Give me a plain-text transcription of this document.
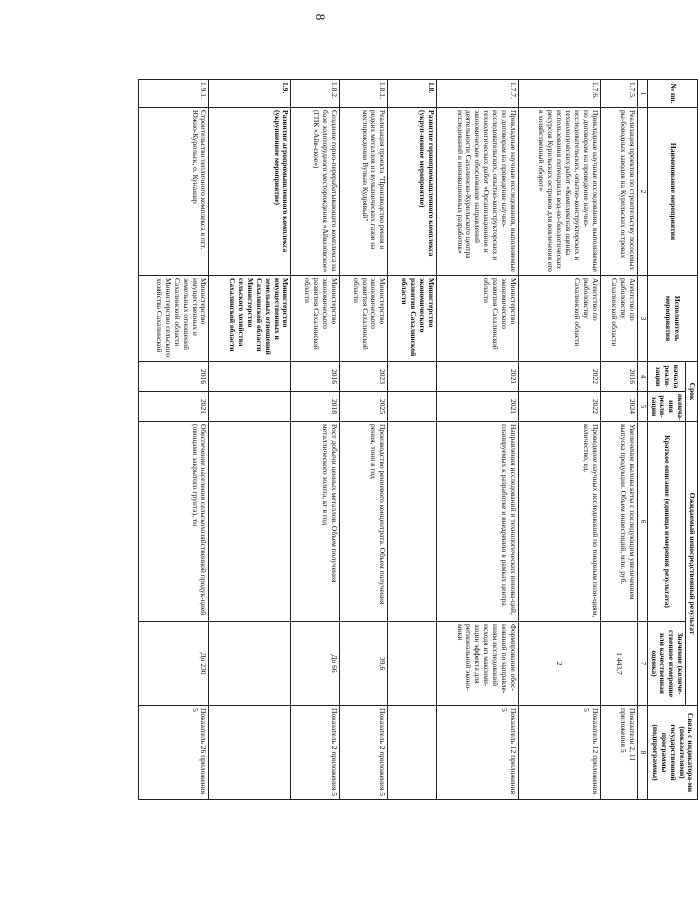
8
№ пп.	Наименование мероприятия	Исполнитель мероприятия	Срок		Ожидаемый непосредственный результат		Связь с индикатора-ми (показателями) государственной программы (подпрограммы)
			начала реали-зации	оконча-ния реали-зации	Краткое описание (единица измерения результата)	Значение (количе-ственное измерение или качественная оценка)	

1	2	3	4	5	6	7	8
1.7.5.	Реализация проектов по строительству лососевых ры-боводных заводов на Курильских островах	Агентство по рыболовству Сахалинской области	2016	2024	Увеличение вылова кеты с последующим увеличением выпуска продукции. Объем инвестиций, млн. руб.	1 443,7	Показатели 2, 11 приложения 5
1.7.6.	Прикладные научные исследования, выполняемые по договорам на проведение научно-исследовательских, опытно-конструкторских и технологических работ «Комплексная оценка использования потенциала вод-но-биологических ресурсов Курильских островов для вовлечения его в хозяйственный оборот»	Агентство по рыболовству Сахалинской области	2022	2022	Проведение научных исследований по товарным пози-циям, количество, ед.	2	Показатель 12 приложения 5
1.7.7.	Прикладные научные исследования, выполняемые по договорам на проведение научно-исследовательских, опытно-конструкторских и технологических работ «Организационное и экономическое обоснование направлений деятельности Сахалинско-Курильского центра исследований и инновационных разработок»	Министерство экономического развития Сахалинской области	2021	2021	Направления исследований и технологических иннова-ций, планируемых к разработке и внедрению в рамках центра	Формирование обос-нований по направле-ниям исследований исходя из максими-зации эффекта для региональной эконо-мики	Показатель 12 приложения 5
1.8.	Развитие горнопромышленного комплекса (укруп-ненное мероприятие)	Министерство экономического развития Сахалинской области					
1.8.1.	Реализация проекта "Производство рения и редких металлов из вулканических газов на месторождении Вулкан Кудрявый"	Министерство экономического развития Сахалинской области	2023	2025	Производство рениевого концентрата. Объем получения рения, тонн в год	39,6	Показатель 2 приложения 5
1.8.2.	Создание горно-перерабатывающего комплекса на базе золоторудного месторождения «Айвазовское» (ГПК «Айв-ское»)	Министерство экономического развития Сахалинской области	2016	2018	Рост добычи ценных металлов. Объем получения металлического золота, кг в год	До 66	Показатель 2 приложения 5
1.9.	Развитие агропромышленного комплекса (укрупненное мероприятие)	Министерство имущественных и земельных отношений Сахалинской области Министерство сельского хозяйства Сахалинской области					
1.9.1.	Строительство тепличного комплекса в пгт. Южно-Курильск, о. Кунашир	Министерство имущественных и земельных отношений Сахалинской области Министерство сельского хозяйства Сахалинской	2016	2021	Обеспечение населения сельскохозяйственной продук-цией (овощами закрытого грунта), тн	До 230	Показатель 26 приложения 5
